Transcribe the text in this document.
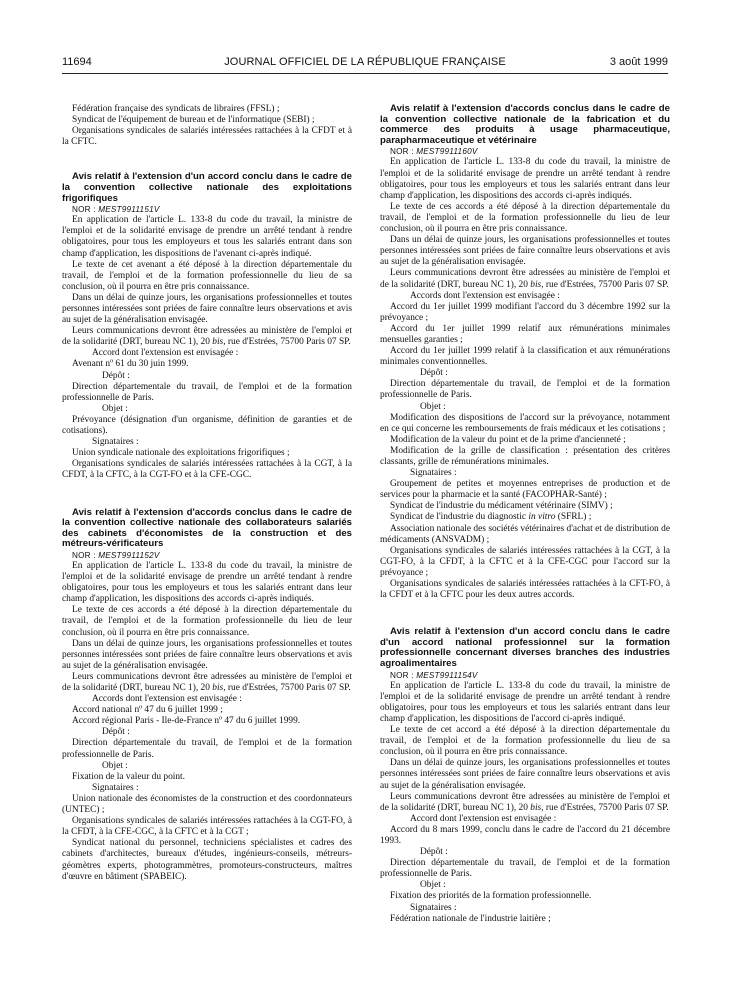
11694	JOURNAL OFFICIEL DE LA RÉPUBLIQUE FRANÇAISE	3 août 1999

Fédération française des syndicats de libraires (FFSL) ;

Syndicat de l'équipement de bureau et de l'informatique (SEBI) ;

Organisations syndicales de salariés intéressées rattachées à la CFDT et à la CFTC.

Avis relatif à l'extension d'un accord conclu dans le cadre de la convention collective nationale des exploitations frigorifiques

NOR : MEST9911151V

En application de l'article L. 133-8 du code du travail, la ministre de l'emploi et de la solidarité envisage de prendre un arrêté tendant à rendre obligatoires, pour tous les employeurs et tous les salariés entrant dans son champ d'application, les dispositions de l'avenant ci-après indiqué.

Le texte de cet avenant a été déposé à la direction départementale du travail, de l'emploi et de la formation professionnelle du lieu de sa conclusion, où il pourra en être pris connaissance.

Dans un délai de quinze jours, les organisations professionnelles et toutes personnes intéressées sont priées de faire connaître leurs observations et avis au sujet de la généralisation envisagée.

Leurs communications devront être adressées au ministère de l'emploi et de la solidarité (DRT, bureau NC 1), 20 bis, rue d'Estrées, 75700 Paris 07 SP.

Accord dont l'extension est envisagée :

Avenant nº 61 du 30 juin 1999.

Dépôt :

Direction départementale du travail, de l'emploi et de la formation professionnelle de Paris.

Objet :

Prévoyance (désignation d'un organisme, définition de garanties et de cotisations).

Signataires :

Union syndicale nationale des exploitations frigorifiques ;

Organisations syndicales de salariés intéressées rattachées à la CGT, à la CFDT, à la CFTC, à la CGT-FO et à la CFE-CGC.

Avis relatif à l'extension d'accords conclus dans le cadre de la convention collective nationale des collaborateurs salariés des cabinets d'économistes de la construction et des métreurs-vérificateurs

NOR : MEST9911152V

En application de l'article L. 133-8 du code du travail, la ministre de l'emploi et de la solidarité envisage de prendre un arrêté tendant à rendre obligatoires, pour tous les employeurs et tous les salariés entrant dans leur champ d'application, les dispositions des accords ci-après indiqués.

Le texte de ces accords a été déposé à la direction départementale du travail, de l'emploi et de la formation professionnelle du lieu de leur conclusion, où il pourra en être pris connaissance.

Dans un délai de quinze jours, les organisations professionnelles et toutes personnes intéressées sont priées de faire connaître leurs observations et avis au sujet de la généralisation envisagée.

Leurs communications devront être adressées au ministère de l'emploi et de la solidarité (DRT, bureau NC 1), 20 bis, rue d'Estrées, 75700 Paris 07 SP.

Accords dont l'extension est envisagée :

Accord national nº 47 du 6 juillet 1999 ;

Accord régional Paris - Ile-de-France nº 47 du 6 juillet 1999.

Dépôt :

Direction départementale du travail, de l'emploi et de la formation professionnelle de Paris.

Objet :

Fixation de la valeur du point.

Signataires :

Union nationale des économistes de la construction et des coordonnateurs (UNTEC) ;

Organisations syndicales de salariés intéressées rattachées à la CGT-FO, à la CFDT, à la CFE-CGC, à la CFTC et à la CGT ;

Syndicat national du personnel, techniciens spécialistes et cadres des cabinets d'architectes, bureaux d'études, ingénieurs-conseils, métreurs-géomètres experts, photogrammètres, promoteurs-constructeurs, maîtres d'œuvre en bâtiment (SPABEIC).

Avis relatif à l'extension d'accords conclus dans le cadre de la convention collective nationale de la fabrication et du commerce des produits à usage pharmaceutique, parapharmaceutique et vétérinaire

NOR : MEST9911160V

En application de l'article L. 133-8 du code du travail, la ministre de l'emploi et de la solidarité envisage de prendre un arrêté tendant à rendre obligatoires, pour tous les employeurs et tous les salariés entrant dans leur champ d'application, les dispositions des accords ci-après indiqués.

Le texte de ces accords a été déposé à la direction départementale du travail, de l'emploi et de la formation professionnelle du lieu de leur conclusion, où il pourra en être pris connaissance.

Dans un délai de quinze jours, les organisations professionnelles et toutes personnes intéressées sont priées de faire connaître leurs observations et avis au sujet de la généralisation envisagée.

Leurs communications devront être adressées au ministère de l'emploi et de la solidarité (DRT, bureau NC 1), 20 bis, rue d'Estrées, 75700 Paris 07 SP.

Accords dont l'extension est envisagée :

Accord du 1er juillet 1999 modifiant l'accord du 3 décembre 1992 sur la prévoyance ;

Accord du 1er juillet 1999 relatif aux rémunérations minimales mensuelles garanties ;

Accord du 1er juillet 1999 relatif à la classification et aux rémunérations minimales conventionnelles.

Dépôt :

Direction départementale du travail, de l'emploi et de la formation professionnelle de Paris.

Objet :

Modification des dispositions de l'accord sur la prévoyance, notamment en ce qui concerne les remboursements de frais médicaux et les cotisations ;

Modification de la valeur du point et de la prime d'ancienneté ;

Modification de la grille de classification : présentation des critères classants, grille de rémunérations minimales.

Signataires :

Groupement de petites et moyennes entreprises de production et de services pour la pharmacie et la santé (FACOPHAR-Santé) ;

Syndicat de l'industrie du médicament vétérinaire (SIMV) ;

Syndicat de l'industrie du diagnostic in vitro (SFRL) ;

Association nationale des sociétés vétérinaires d'achat et de distribution de médicaments (ANSVADM) ;

Organisations syndicales de salariés intéressées rattachées à la CGT, à la CGT-FO, à la CFDT, à la CFTC et à la CFE-CGC pour l'accord sur la prévoyance ;

Organisations syndicales de salariés intéressées rattachées à la CFT-FO, à la CFDT et à la CFTC pour les deux autres accords.

Avis relatif à l'extension d'un accord conclu dans le cadre d'un accord national professionnel sur la formation professionnelle concernant diverses branches des industries agroalimentaires

NOR : MEST9911154V

En application de l'article L. 133-8 du code du travail, la ministre de l'emploi et de la solidarité envisage de prendre un arrêté tendant à rendre obligatoires, pour tous les employeurs et tous les salariés entrant dans leur champ d'application, les dispositions de l'accord ci-après indiqué.

Le texte de cet accord a été déposé à la direction départementale du travail, de l'emploi et de la formation professionnelle du lieu de sa conclusion, où il pourra en être pris connaissance.

Dans un délai de quinze jours, les organisations professionnelles et toutes personnes intéressées sont priées de faire connaître leurs observations et avis au sujet de la généralisation envisagée.

Leurs communications devront être adressées au ministère de l'emploi et de la solidarité (DRT, bureau NC 1), 20 bis, rue d'Estrées, 75700 Paris 07 SP.

Accord dont l'extension est envisagée :

Accord du 8 mars 1999, conclu dans le cadre de l'accord du 21 décembre 1993.

Dépôt :

Direction départementale du travail, de l'emploi et de la formation professionnelle de Paris.

Objet :

Fixation des priorités de la formation professionnelle.

Signataires :

Fédération nationale de l'industrie laitière ;
